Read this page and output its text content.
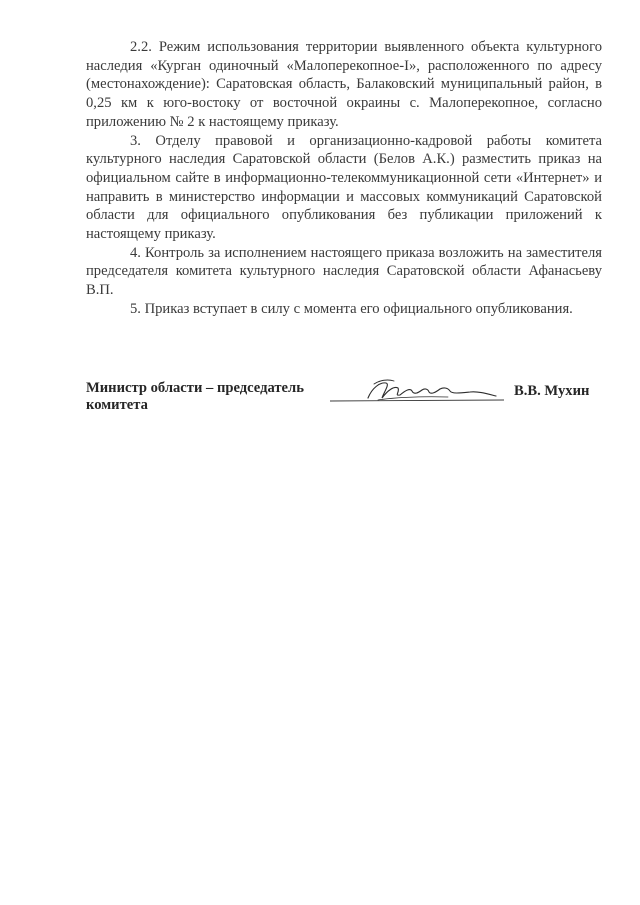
2.2. Режим использования территории выявленного объекта культурного наследия «Курган одиночный «Малоперекопное-I», расположенного по адресу (местонахождение): Саратовская область, Балаковский муниципальный район, в 0,25 км к юго-востоку от восточной окраины с. Малоперекопное, согласно приложению № 2 к настоящему приказу.

3. Отделу правовой и организационно-кадровой работы комитета культурного наследия Саратовской области (Белов А.К.) разместить приказ на официальном сайте в информационно-телекоммуникационной сети «Интернет» и направить в министерство информации и массовых коммуникаций Саратовской области для официального опубликования без публикации приложений к настоящему приказу.

4. Контроль за исполнением настоящего приказа возложить на заместителя председателя комитета культурного наследия Саратовской области Афанасьеву В.П.

5. Приказ вступает в силу с момента его официального опубликования.

Министр области – председатель
комитета
В.В. Мухин
